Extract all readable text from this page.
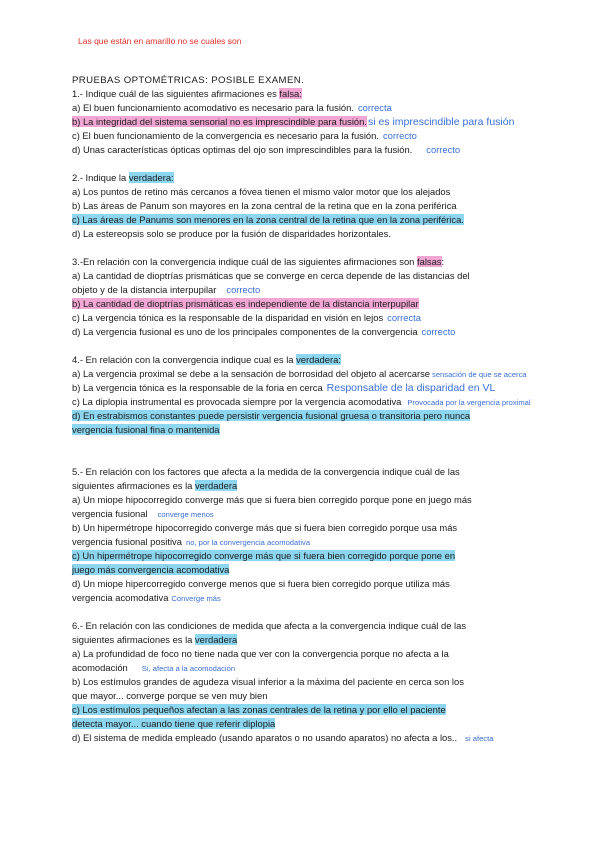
Las que están en amarillo no se cuales son
PRUEBAS OPTOMÉTRICAS: POSIBLE EXAMEN.
1.- Indique cuál de las siguientes afirmaciones es falsa:
a) El buen funcionamiento acomodativo es necesario para la fusión. correcta
b) La integridad del sistema sensorial no es imprescindible para fusión.si es imprescindible para fusión
c) El buen funcionamiento de la convergencia es necesario para la fusión. correcto
d) Unas características ópticas optimas del ojo son imprescindibles para la fusión. correcto
2.- Indique la verdadera:
a) Los puntos de retino más cercanos a fóvea tienen el mismo valor motor que los alejados
b) Las áreas de Panum son mayores en la zona central de la retina que en la zona periférica
c) Las áreas de Panums son menores en la zona central de la retina que en la zona periférica.
d) La estereopsis solo se produce por la fusión de disparidades horizontales.
3.-En relación con la convergencia indique cuál de las siguientes afirmaciones son falsas:
a) La cantidad de dioptrías prismáticas que se converge en cerca depende de las distancias del
objeto y de la distancia interpupilar correcto
b) La cantidad de dioptrías prismáticas es independiente de la distancia interpupilar
c) La vergencia tónica es la responsable de la disparidad en visión en lejos correcta
d) La vergencia fusional es uno de los principales componentes de la convergencia correcto
4.- En relación con la convergencia indique cual es la verdadera:
a) La vergencia proximal se debe a la sensación de borrosidad del objeto al acercarse sensación de que se acerca
b) La vergencia tónica es la responsable de la foria en cerca Responsable de la disparidad en VL
c) La diplopia instrumental es provocada siempre por la vergencia acomodativa Provocada por la vergencia proximal
d) En estrabismos constantes puede persistir vergencia fusional gruesa o transitoria pero nunca
vergencia fusional fina o mantenida
5.- En relación con los factores que afecta a la medida de la convergencia indique cuál de las
siguientes afirmaciones es la verdadera
a) Un miope hipocorregido converge más que si fuera bien corregido porque pone en juego más
vergencia fusional converge menos
b) Un hipermétrope hipocorregido converge más que si fuera bien corregido porque usa más
vergencia fusional positiva no, por la convergencia acomodativa
c) Un hipermétrope hipocorregido converge más que si fuera bien corregido porque pone en
juego más convergencia acomodativa
d) Un miope hipercorregido converge menos que si fuera bien corregido porque utiliza más
vergencia acomodativa Converge más
6.- En relación con las condiciones de medida que afecta a la convergencia indique cuál de las
siguientes afirmaciones es la verdadera
a) La profundidad de foco no tiene nada que ver con la convergencia porque no afecta a la
acomodación Si, afecta a la acomodación
b) Los estímulos grandes de agudeza visual inferior a la máxima del paciente en cerca son los
que mayor... converge porque se ven muy bien
c) Los estímulos pequeños afectan a las zonas centrales de la retina y por ello el paciente
detecta mayor... cuando tiene que referir diplopia
d) El sistema de medida empleado (usando aparatos o no usando aparatos) no afecta a los.. si afecta
